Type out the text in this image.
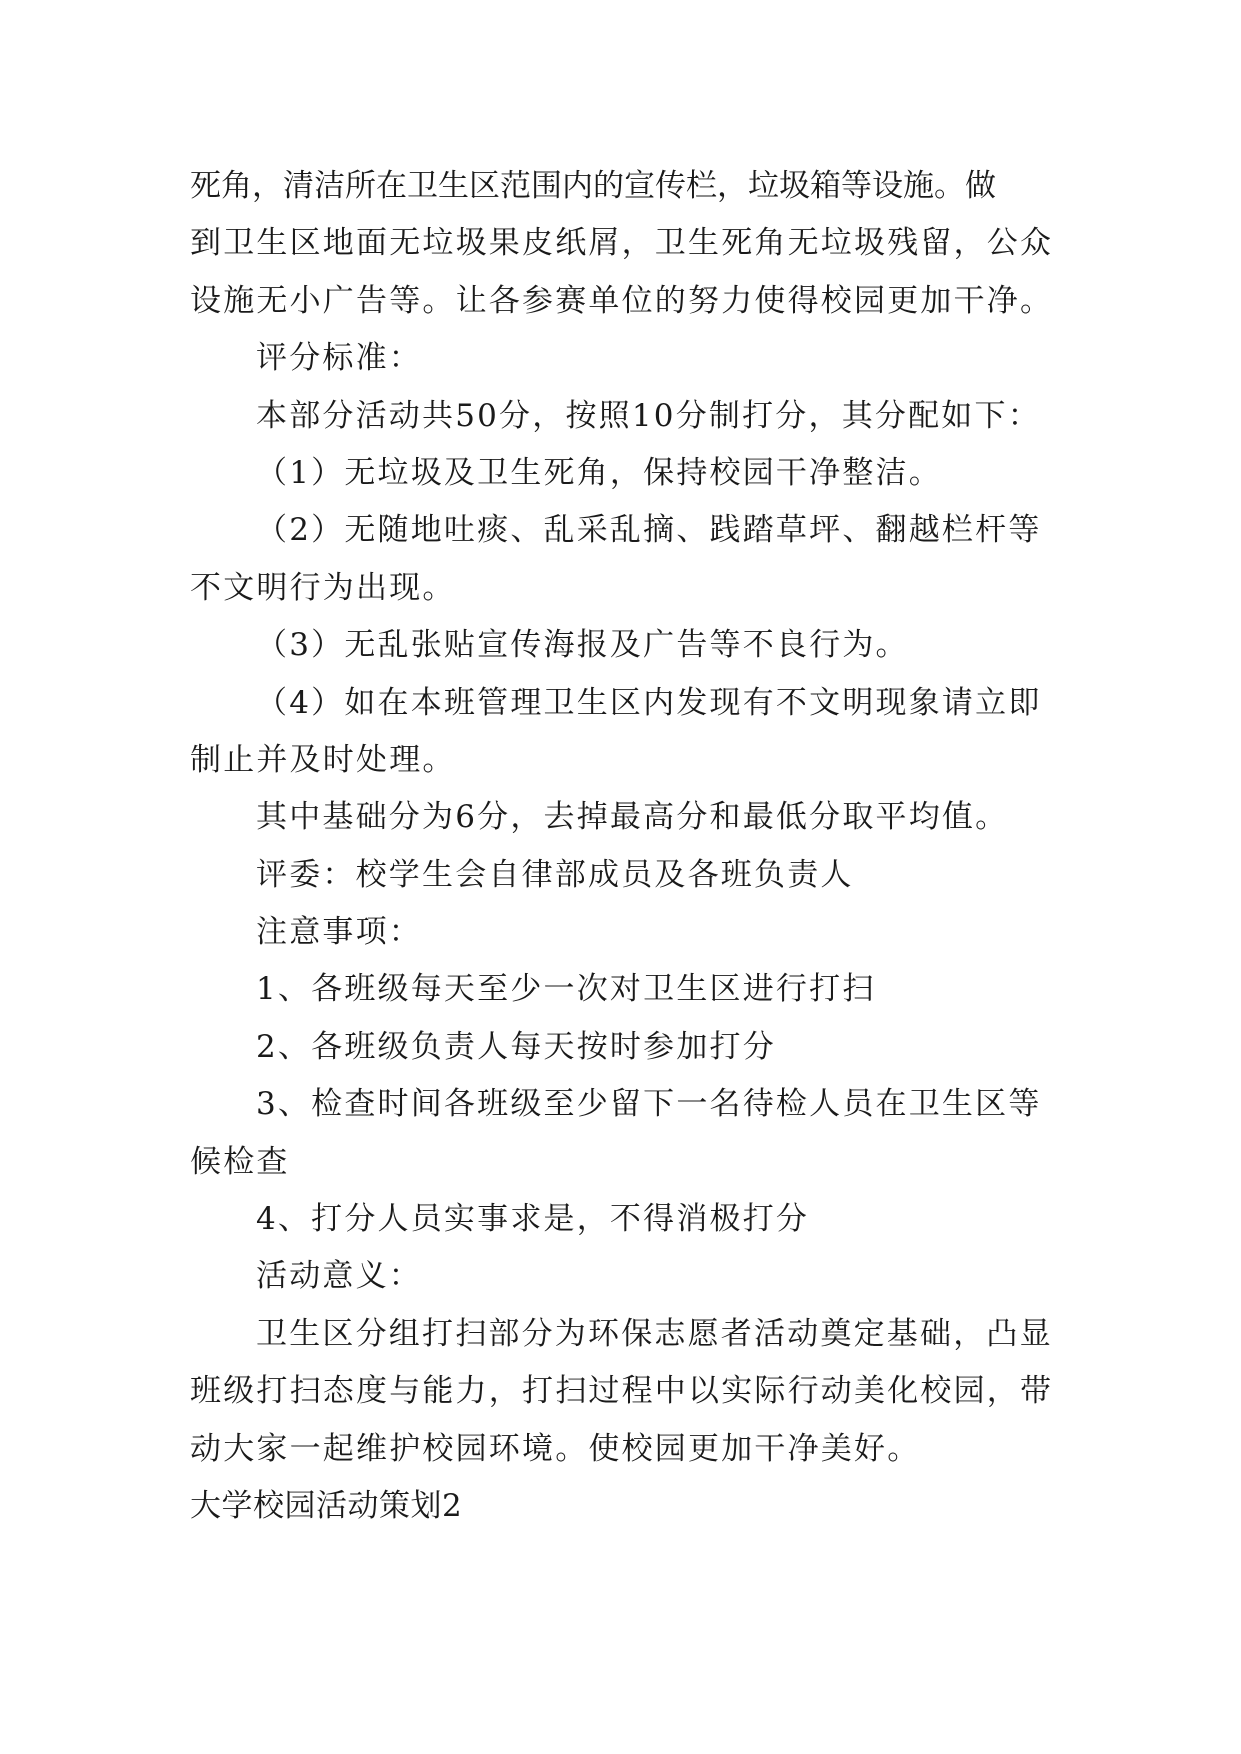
死角，清洁所在卫生区范围内的宣传栏，垃圾箱等设施。做
到卫生区地面无垃圾果皮纸屑，卫生死角无垃圾残留，公众
设施无小广告等。让各参赛单位的努力使得校园更加干净。
评分标准：
本部分活动共50分，按照10分制打分，其分配如下：
（1）无垃圾及卫生死角，保持校园干净整洁。
（2）无随地吐痰、乱采乱摘、践踏草坪、翻越栏杆等
不文明行为出现。
（3）无乱张贴宣传海报及广告等不良行为。
（4）如在本班管理卫生区内发现有不文明现象请立即
制止并及时处理。
其中基础分为6分，去掉最高分和最低分取平均值。
评委：校学生会自律部成员及各班负责人
注意事项：
1、各班级每天至少一次对卫生区进行打扫
2、各班级负责人每天按时参加打分
3、检查时间各班级至少留下一名待检人员在卫生区等
候检查
4、打分人员实事求是，不得消极打分
活动意义：
卫生区分组打扫部分为环保志愿者活动奠定基础，凸显
班级打扫态度与能力，打扫过程中以实际行动美化校园，带
动大家一起维护校园环境。使校园更加干净美好。
大学校园活动策划2
